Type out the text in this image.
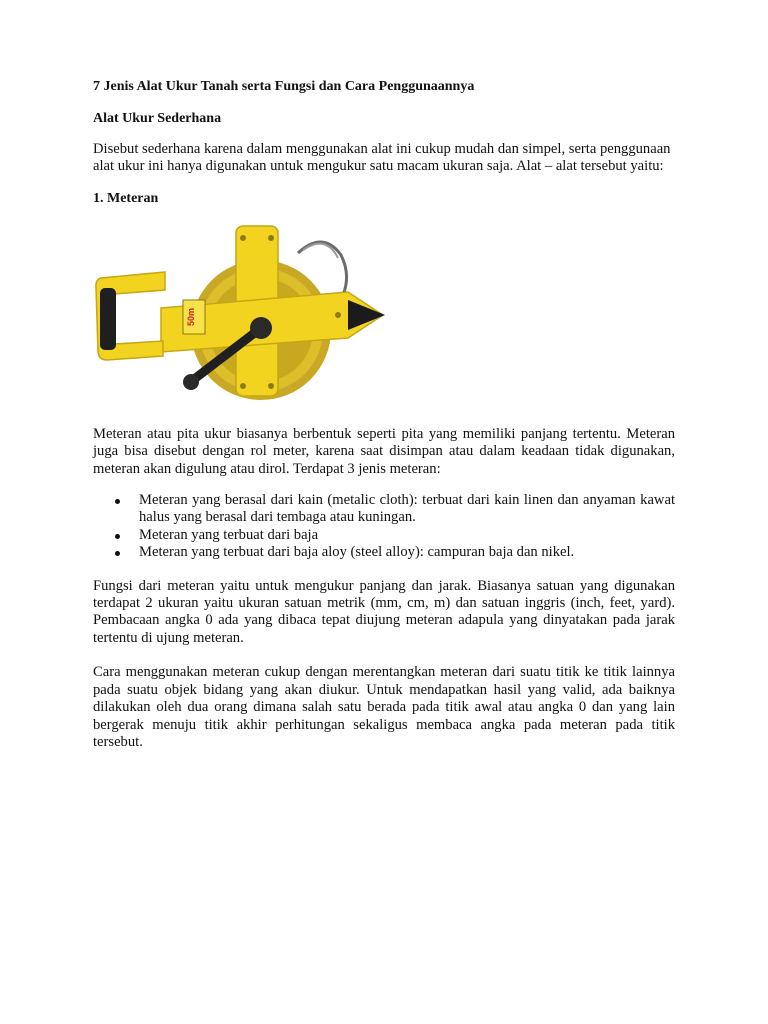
7 Jenis Alat Ukur Tanah serta Fungsi dan Cara Penggunaannya
Alat Ukur Sederhana

Disebut sederhana karena dalam menggunakan alat ini cukup mudah dan simpel, serta penggunaan alat ukur ini hanya digunakan untuk mengukur satu macam ukuran saja. Alat – alat tersebut yaitu:

1. Meteran
50m

Meteran atau pita ukur biasanya berbentuk seperti pita yang memiliki panjang tertentu. Meteran juga bisa disebut dengan rol meter, karena saat disimpan atau dalam keadaan tidak digunakan, meteran akan digulung atau dirol. Terdapat 3 jenis meteran:

Meteran yang berasal dari kain (metalic cloth): terbuat dari kain linen dan anyaman kawat halus yang berasal dari tembaga atau kuningan.
Meteran yang terbuat dari baja
Meteran yang terbuat dari baja aloy (steel alloy): campuran baja dan nikel.

Fungsi dari meteran yaitu untuk mengukur panjang dan jarak. Biasanya satuan yang digunakan terdapat 2 ukuran yaitu ukuran satuan metrik (mm, cm, m) dan satuan inggris (inch, feet, yard). Pembacaan angka 0 ada yang dibaca tepat diujung meteran adapula yang dinyatakan pada jarak tertentu di ujung meteran.

Cara menggunakan meteran cukup dengan merentangkan meteran dari suatu titik ke titik lainnya pada suatu objek bidang yang akan diukur. Untuk mendapatkan hasil yang valid, ada baiknya dilakukan oleh dua orang dimana salah satu berada pada titik awal atau angka 0 dan yang lain bergerak menuju titik akhir perhitungan sekaligus membaca angka pada meteran pada titik tersebut.
